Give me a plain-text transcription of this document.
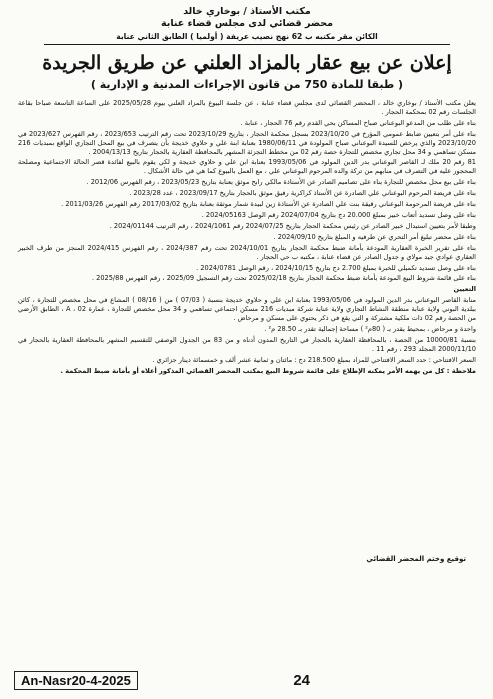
مكتب الأستاذ / بوخاري خالد
محضر قضائي لدى مجلس قضاء عنابة
الكائن مقر مكتبه ب 62 نهج نصيب عريفة ( أولميا ) الطابق الثاني عنابة
إعلان عن بيع عقار بالمزاد العلني عن طريق الجريدة
( طبقا للمادة 750 من قانون الإجراءات المدنية و الإدارية )

يعلن مكتب الأستاذ / بوخاري خالد ، المحضر القضائي لدى مجلس قضاء عنابة ، عن جلسة البيوع بالمزاد العلني بيوم 2025/05/28 على الساعة التاسعة صباحا بقاعة الجلسات رقم 02 بمحكمة الحجار .

بناء على طلب من المدعو البوعناني صباح المساكن بحي القدم رقم 76 الحجار ، عنابة .

بناء على أمر بتعيين ضابط عمومي المؤرخ في 2023/10/20 بسجل محكمة الحجار ، بتاريخ 2023/10/29 تحت رقم الترتيب 2023/653 ، رقم الفهرس 2023/627 في 2023/10/20 والذي يرخص للسيدة البوعناني صباح المولودة في 1980/06/11 بعنابة ابنة علي و حلاوي خديجة بأن يتصرف في بيع المحل التجاري الواقع بمبديات 216 مسكن تساهمي و 34 محل تجاري مخصص للتجارة حصة رقم 02 من مخطط التجزئة المشهر بالمحافظة العقارية بالحجار بتاريخ 2004/13/13 .

81 رقم 20 ملك لـ القاصر البوعناني بدر الدين المولود في 1993/05/06 بعنابة ابن علي و حلاوي خديجة و لكي يقوم بالبيع لفائدة قصر الحالة الاجتماعية ومصلحة المحجور عليه في التصرف في منابهم من تركة والده المرحوم البوعناني علي ، مع العمل بالبيوع كما هي في حالة الأشكال .

بناء على بيع محل مخصص للتجارة بناء على تصاميم الصادر عن الأستاذة مالكي رابح موثق بعنابة بتاريخ 2023/05/23 ، رقم الفهرس 2012/06 .

بناء على فريضة المرحوم البوعناني علي الصادرة عن الأستاذ كراكرية رفيق موثق بالحجار بتاريخ 2023/09/17 ، عدد 2023/28 .

بناء على فريضة المرحومة البوعناني رقيقة بنت علي الصادرة عن الأستاذة زين لبيدة شمار موثقة بعنابة بتاريخ 2017/03/02 رقم الفهرس 2011/03/26 .

بناء على وصل تسديد أتعاب خبير بمبلغ 20.000 دج بتاريخ 2024/07/04 رقم الوصل 2024/05163 .

وطبقا لأمر بتعيين استبدال خبير الصادر عن رئيس محكمة الحجار بتاريخ 2024/07/25 رقم 2024/1061 ، رقم الترتيب 2024/01144 .

بناء على محضر تبليغ أمر التحري عن طرفيه و المبلغ بتاريخ 2024/09/10 .

بناء على تقرير الخبرة العقارية المودعة بأمانة ضبط محكمة الحجار بتاريخ 2024/10/01 تحت رقم 2024/387 ، رقم الفهرس 2024/415 المنجز من طرف الخبير العقاري عوادي جيد مولاي و جدول الصادر عن قضاء عنابة ، مكتبه ب حي الحجار .

بناء على وصل تسديد تكميلي للخبرة بمبلغ 2.700 دج بتاريخ 2024/10/15 ، رقم الوصل 2024/0781 .

بناء على قائمة شروط البيع المودعة بأمانة ضبط محكمة الحجار بتاريخ 2025/02/18 تحت رقم التسجيل 2025/09 ، رقم الفهرس 2025/88 .

التعيين

منابة القاصر البوعناني بدر الدين المولود في 1993/05/06 بعنابة ابن علي و حلاوي خديجة بنسبة ( 07/03 ) من ( 08/16 ) المشاع في محل مخصص للتجارة ، كائن ببلدية البوني ولاية عنابة منطقة النشاط التجاري ولاية عنابة شركة مبديات 216 مسكن اجتماعي تساهمي و 34 محل مخصص للتجارة ، عمارة A ، 02 ، الطابق الأرضي من الحصة رقم 02 ذات ملكية مشتركة و التي يقع في ذكر يحتوي على مسكن و مرحاض .

واحدة و مرحاض ، بمحيط يقدر بـ ( 80م² ) مساحة إجمالية تقدر بـ 28.50 م² .

بنسبة 10000/81 من الحصة ، بالمحافظة العقارية بالحجار في التاريخ المدون أدناه و من 83 من الجدول الوصفي للتقسيم المشهر بالمحافظة العقارية بالحجار في 2000/11/10 المجلد 293 ، رقم 11 .

السعر الافتتاحي : حدد السعر الافتتاحي للمزاد بمبلغ 218.500 دج : مائتان و ثمانية عشر ألف و خمسمائة دينار جزائري .

ملاحظة : كل من يهمه الأمر يمكنه الإطلاع على قائمة شروط البيع بمكتب المحضر القضائي المذكور أعلاه أو بأمانة ضبط المحكمة .

توقيع وختم المحضر القضائي
An-Nasr20-4-2025	24
